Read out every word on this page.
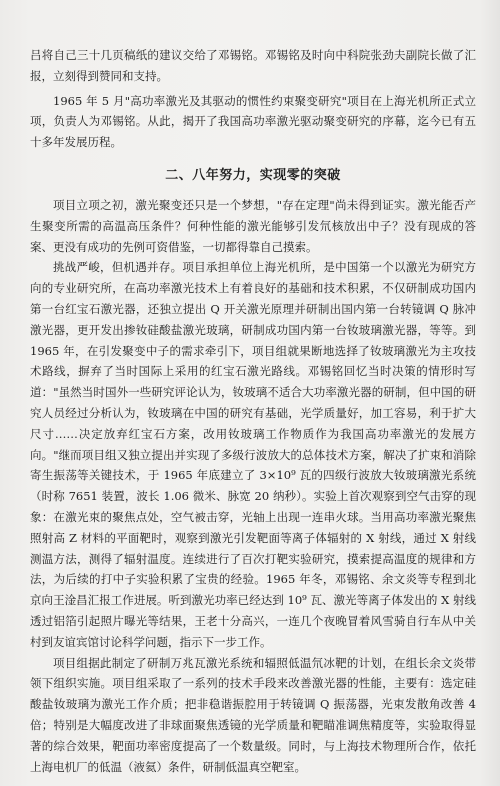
吕将自己三十几页稿纸的建议交给了邓锡铭。邓锡铭及时向中科院张劲夫副院长做了汇报，立刻得到赞同和支持。

1965 年 5 月"高功率激光及其驱动的惯性约束聚变研究"项目在上海光机所正式立项，负责人为邓锡铭。从此，揭开了我国高功率激光驱动聚变研究的序幕，迄今已有五十多年发展历程。

二、八年努力，实现零的突破

项目立项之初，激光聚变还只是一个梦想，"存在定理"尚未得到证实。激光能否产生聚变所需的高温高压条件？何种性能的激光能够引发氘核放出中子？没有现成的答案、更没有成功的先例可资借鉴，一切都得靠自己摸索。

挑战严峻，但机遇并存。项目承担单位上海光机所，是中国第一个以激光为研究方向的专业研究所，在高功率激光技术上有着良好的基础和技术积累，不仅研制成功国内第一台红宝石激光器，还独立提出 Q 开关激光原理并研制出国内第一台转镜调 Q 脉冲激光器，更开发出掺钕硅酸盐激光玻璃，研制成功国内第一台钕玻璃激光器，等等。到 1965 年，在引发聚变中子的需求牵引下，项目组就果断地选择了钕玻璃激光为主攻技术路线，摒弃了当时国际上采用的红宝石激光路线。邓锡铭回忆当时决策的情形时写道："虽然当时国外一些研究评论认为，钕玻璃不适合大功率激光器的研制，但中国的研究人员经过分析认为，钕玻璃在中国的研究有基础，光学质量好，加工容易，利于扩大尺寸……决定放弃红宝石方案，改用钕玻璃工作物质作为我国高功率激光的发展方向。"继而项目组又独立提出并实现了多级行波放大的总体技术方案，解决了扩束和消除寄生振荡等关键技术，于 1965 年底建立了 3×10⁹ 瓦的四级行波放大钕玻璃激光系统（时称 7651 装置，波长 1.06 微米、脉宽 20 纳秒）。实验上首次观察到空气击穿的现象：在激光束的聚焦点处，空气被击穿，光轴上出现一连串火球。当用高功率激光聚焦照射高 Z 材料的平面靶时，观察到激光引发靶面等离子体辐射的 X 射线，通过 X 射线测温方法，测得了辐射温度。连续进行了百次打靶实验研究，摸索提高温度的规律和方法，为后续的打中子实验积累了宝贵的经验。1965 年冬，邓锡铭、余文炎等专程到北京向王淦昌汇报工作进展。听到激光功率已经达到 10⁹ 瓦、激光等离子体发出的 X 射线透过铝箔引起照片曝光等结果，王老十分高兴，一连几个夜晚冒着风雪骑自行车从中关村到友谊宾馆讨论科学问题，指示下一步工作。

项目组据此制定了研制万兆瓦激光系统和辐照低温氘冰靶的计划，在组长余文炎带领下组织实施。项目组采取了一系列的技术手段来改善激光器的性能，主要有：选定硅酸盐钕玻璃为激光工作介质；把非稳谐振腔用于转镜调 Q 振荡器，光束发散角改善 4 倍；特别是大幅度改进了非球面聚焦透镜的光学质量和靶瞄准调焦精度等，实验取得显著的综合效果，靶面功率密度提高了一个数量级。同时，与上海技术物理所合作，依托上海电机厂的低温（液氦）条件，研制低温真空靶室。
